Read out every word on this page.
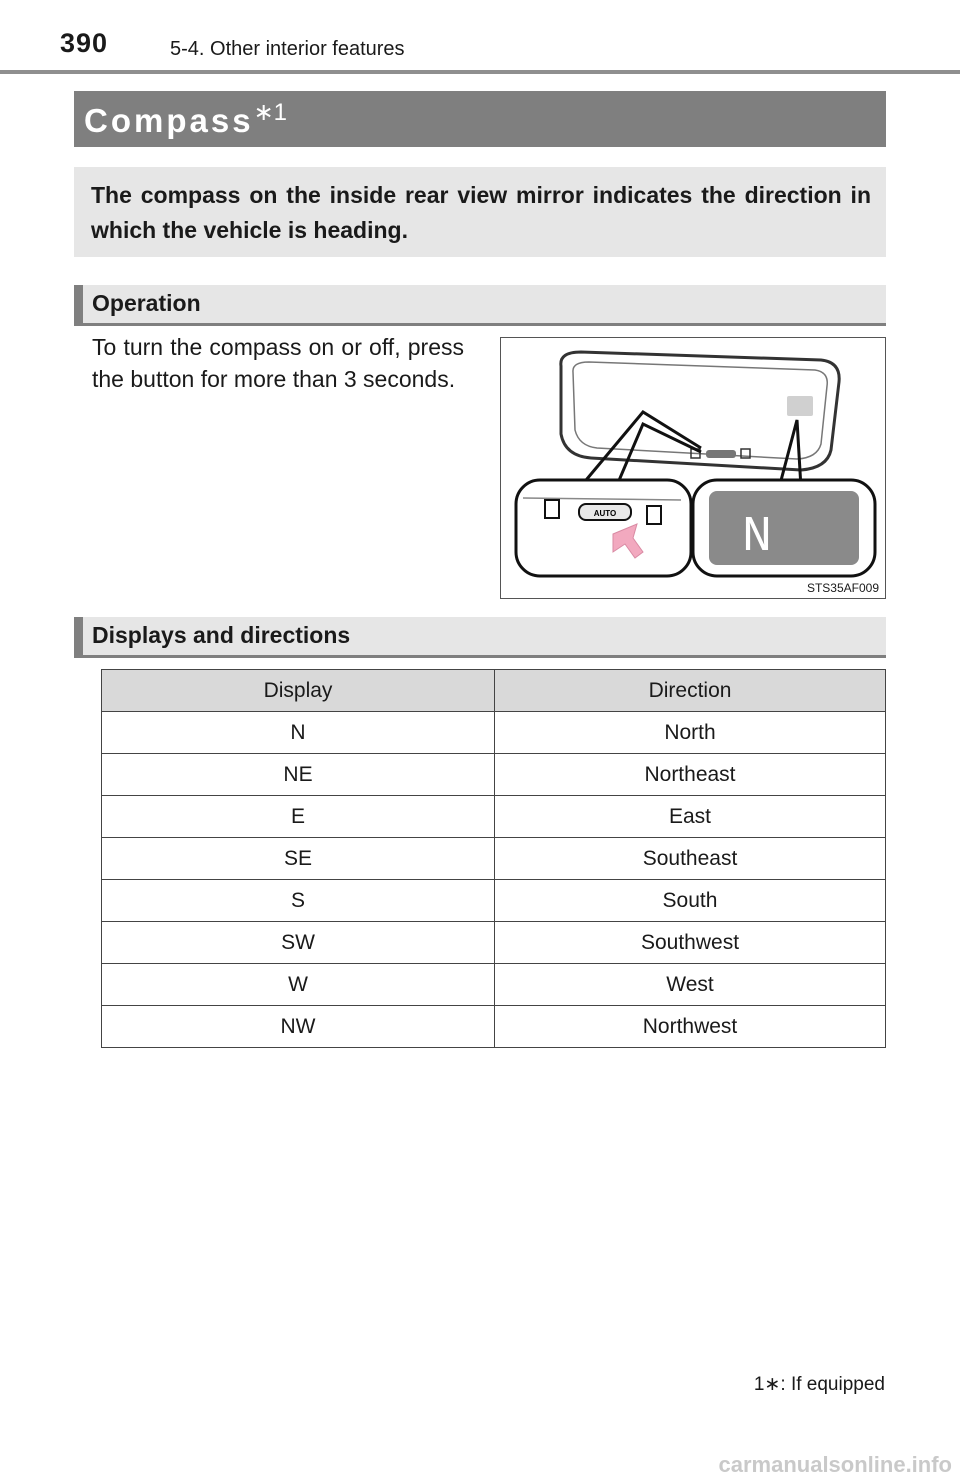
390	5-4. Other interior features
Compass$^{∗1}$
The compass on the inside rear view mirror indicates the direction in which the vehicle is heading.
Operation
To turn the compass on or off, press the button for more than 3 seconds.
AUTO	N
STS35AF009
Displays and directions
Display	Direction
N	North
NE	Northeast
E	East
SE	Southeast
S	South
SW	Southwest
W	West
NW	Northwest
1∗: If equipped
carmanualsonline.info
